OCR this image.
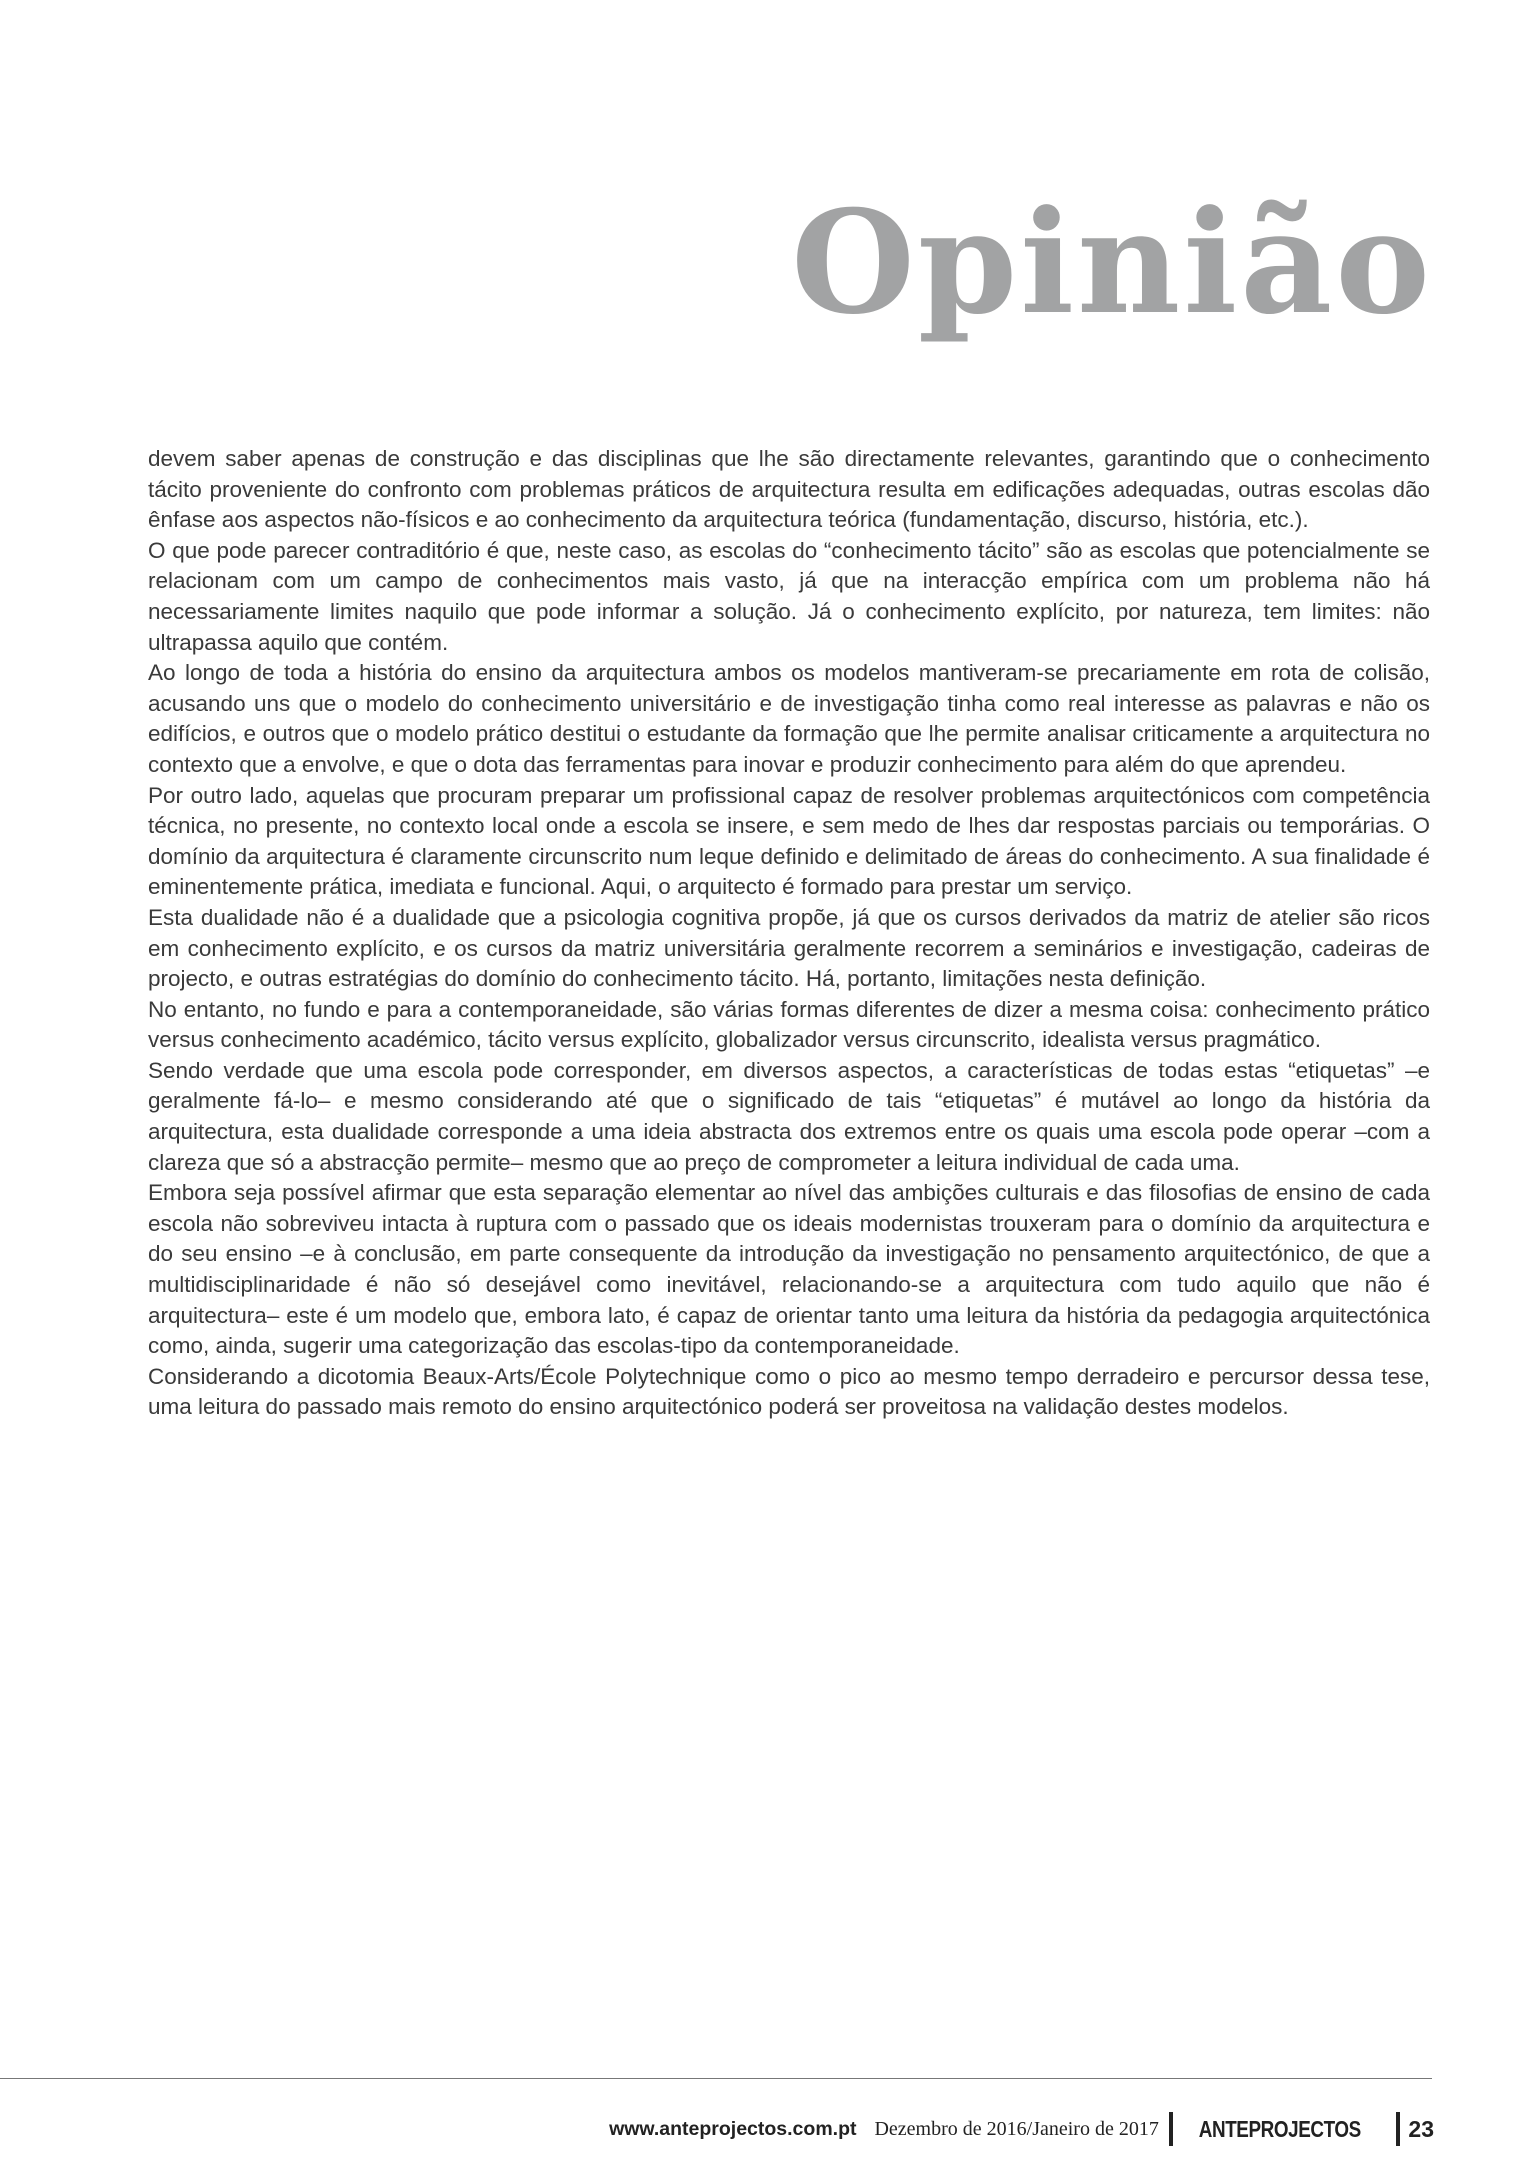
Opinião

devem saber apenas de construção e das disciplinas que lhe são directamente relevantes, garantindo que o conhecimento tácito proveniente do confronto com problemas práticos de arquitectura resulta em edificações adequadas, outras escolas dão ênfase aos aspectos não-físicos e ao conhecimento da arquitectura teórica (fundamentação, discurso, história, etc.).

O que pode parecer contraditório é que, neste caso, as escolas do “conhecimento tácito” são as escolas que potencialmente se relacionam com um campo de conhecimentos mais vasto, já que na interacção empírica com um problema não há necessariamente limites naquilo que pode informar a solução. Já o conhecimento explícito, por natureza, tem limites: não ultrapassa aquilo que contém.

Ao longo de toda a história do ensino da arquitectura ambos os modelos mantiveram-se precariamente em rota de colisão, acusando uns que o modelo do conhecimento universitário e de investigação tinha como real interesse as palavras e não os edifícios, e outros que o modelo prático destitui o estudante da formação que lhe permite analisar criticamente a arquitectura no contexto que a envolve, e que o dota das ferramentas para inovar e produzir conhecimento para além do que aprendeu.

Por outro lado, aquelas que procuram preparar um profissional capaz de resolver problemas arquitectónicos com competência técnica, no presente, no contexto local onde a escola se insere, e sem medo de lhes dar respostas parciais ou temporárias. O domínio da arquitectura é claramente circunscrito num leque definido e delimitado de áreas do conhecimento. A sua finalidade é eminentemente prática, imediata e funcional. Aqui, o arquitecto é formado para prestar um serviço.

Esta dualidade não é a dualidade que a psicologia cognitiva propõe, já que os cursos derivados da matriz de atelier são ricos em conhecimento explícito, e os cursos da matriz universitária geralmente recorrem a seminários e investigação, cadeiras de projecto, e outras estratégias do domínio do conhecimento tácito. Há, portanto, limitações nesta definição.

No entanto, no fundo e para a contemporaneidade, são várias formas diferentes de dizer a mesma coisa: conhecimento prático versus conhecimento académico, tácito versus explícito, globalizador versus circunscrito, idealista versus pragmático.

Sendo verdade que uma escola pode corresponder, em diversos aspectos, a características de todas estas “etiquetas” –e geralmente fá-lo– e mesmo considerando até que o significado de tais “etiquetas” é mutável ao longo da história da arquitectura, esta dualidade corresponde a uma ideia abstracta dos extremos entre os quais uma escola pode operar –com a clareza que só a abstracção permite– mesmo que ao preço de comprometer a leitura individual de cada uma.

Embora seja possível afirmar que esta separação elementar ao nível das ambições culturais e das filosofias de ensino de cada escola não sobreviveu intacta à ruptura com o passado que os ideais modernistas trouxeram para o domínio da arquitectura e do seu ensino –e à conclusão, em parte consequente da introdução da investigação no pensamento arquitectónico, de que a multidisciplinaridade é não só desejável como inevitável, relacionando-se a arquitectura com tudo aquilo que não é arquitectura– este é um modelo que, embora lato, é capaz de orientar tanto uma leitura da história da pedagogia arquitectónica como, ainda, sugerir uma categorização das escolas-tipo da contemporaneidade.

Considerando a dicotomia Beaux-Arts/École Polytechnique como o pico ao mesmo tempo derradeiro e percursor dessa tese, uma leitura do passado mais remoto do ensino arquitectónico poderá ser proveitosa na validação destes modelos.

www.anteprojectos.com.pt Dezembro de 2016/Janeiro de 2017 ANTEPROJECTOS 23
